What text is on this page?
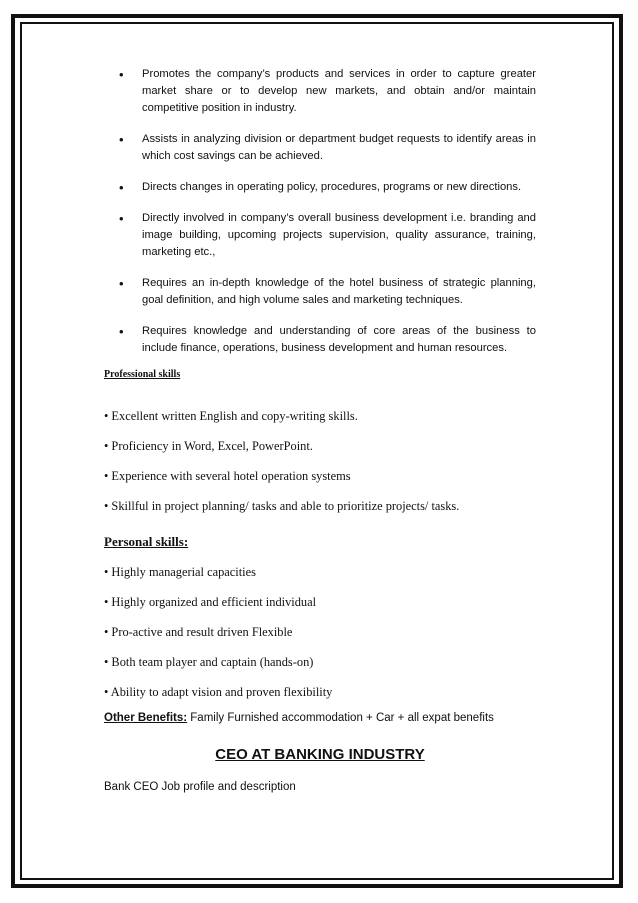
• Promotes the company’s products and services in order to capture greater market share or to develop new markets, and obtain and/or maintain competitive position in industry.
• Assists in analyzing division or department budget requests to identify areas in which cost savings can be achieved.
• Directs changes in operating policy, procedures, programs or new directions.
• Directly involved in company’s overall business development i.e. branding and image building, upcoming projects supervision, quality assurance, training, marketing etc.,
• Requires an in-depth knowledge of the hotel business of strategic planning, goal definition, and high volume sales and marketing techniques.
• Requires knowledge and understanding of core areas of the business to include finance, operations, business development and human resources.
Professional skills
• Excellent written English and copy-writing skills.
• Proficiency in Word, Excel, PowerPoint.
• Experience with several hotel operation systems
• Skillful in project planning/ tasks and able to prioritize projects/ tasks.
Personal skills:
• Highly managerial capacities
• Highly organized and efficient individual
• Pro-active and result driven Flexible
• Both team player and captain (hands-on)
• Ability to adapt vision and proven flexibility
Other Benefits: Family Furnished accommodation + Car + all expat benefits
CEO AT BANKING INDUSTRY
Bank CEO Job profile and description
